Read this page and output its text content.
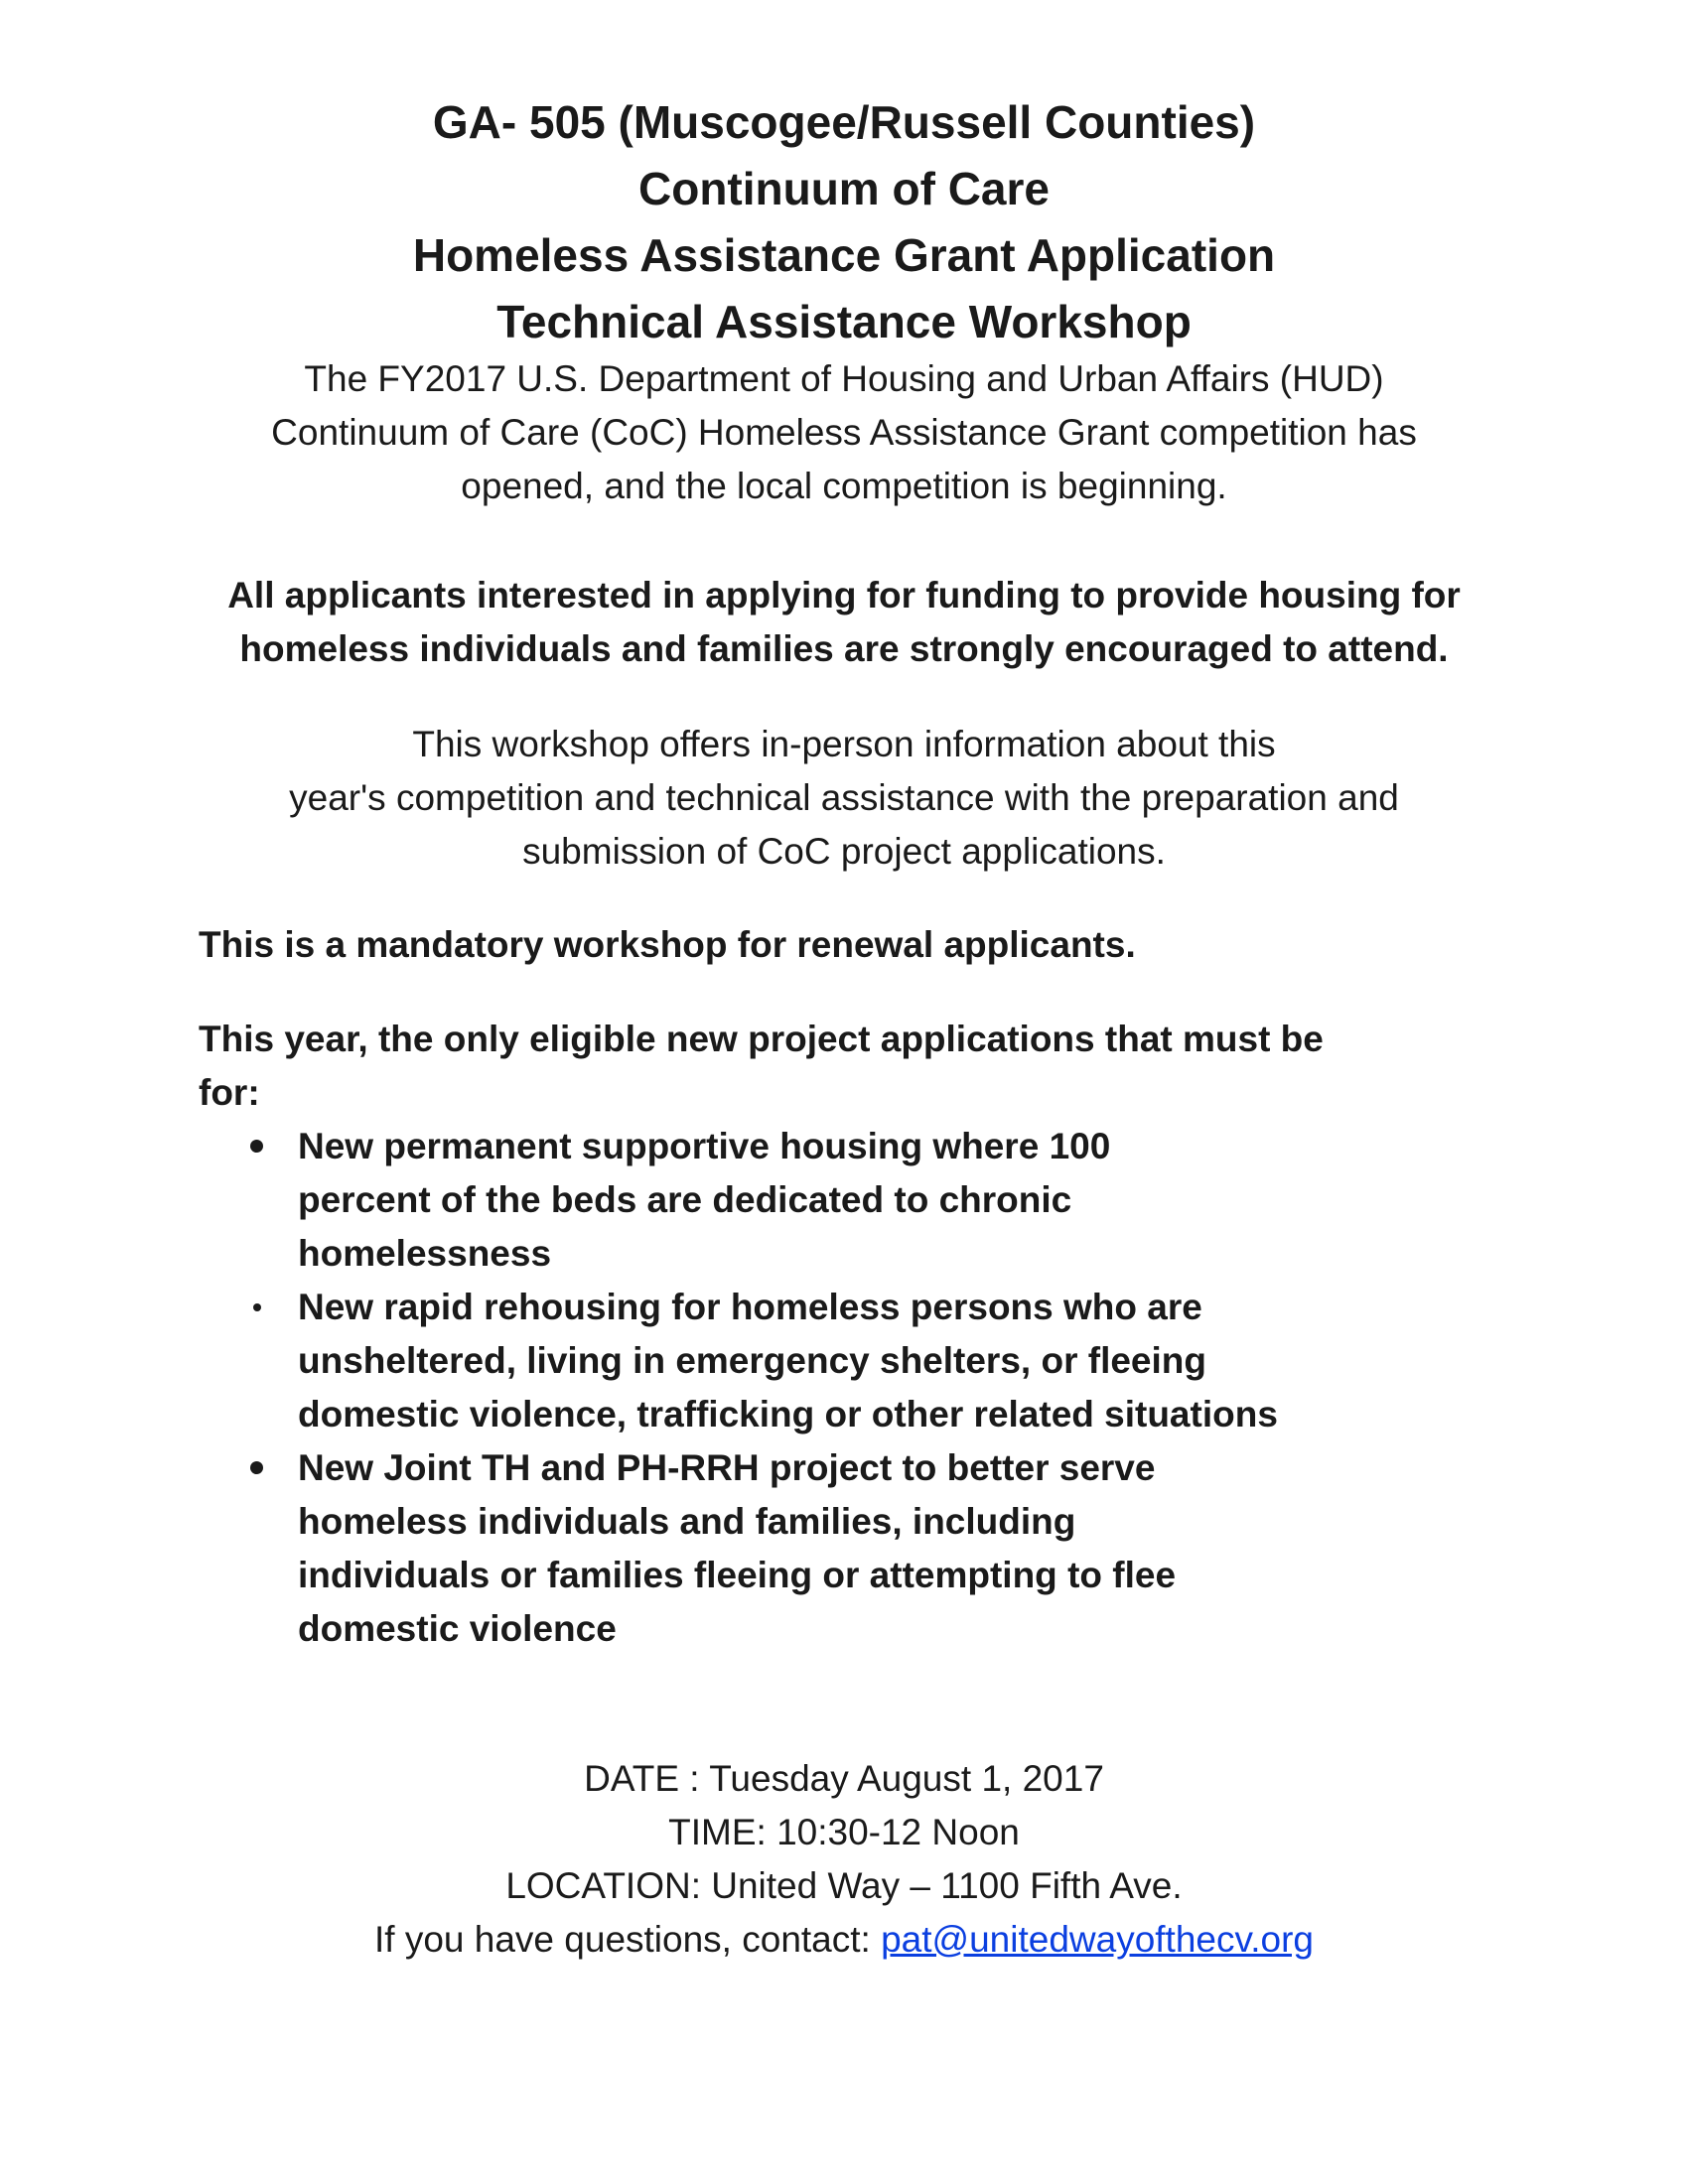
GA- 505 (Muscogee/Russell Counties)

Continuum of Care

Homeless Assistance Grant Application

Technical Assistance Workshop

The FY2017 U.S. Department of Housing and Urban Affairs (HUD)
Continuum of Care (CoC) Homeless Assistance Grant competition has
opened, and the local competition is beginning.

All applicants interested in applying for funding to provide housing for
homeless individuals and families are strongly encouraged to attend.

This workshop offers in-person information about this
year's competition and technical assistance with the preparation and
submission of CoC project applications.

This is a mandatory workshop for renewal applicants.

This year, the only eligible new project applications that must be
for:

New permanent supportive housing where 100
percent of the beds are dedicated to chronic
homelessness
New rapid rehousing for homeless persons who are
unsheltered, living in emergency shelters, or fleeing
domestic violence, trafficking or other related situations
New Joint TH and PH-RRH project to better serve
homeless individuals and families, including
individuals or families fleeing or attempting to flee
domestic violence

DATE : Tuesday August 1, 2017
TIME: 10:30-12 Noon
LOCATION: United Way – 1100 Fifth Ave.
If you have questions, contact: pat@unitedwayofthecv.org
